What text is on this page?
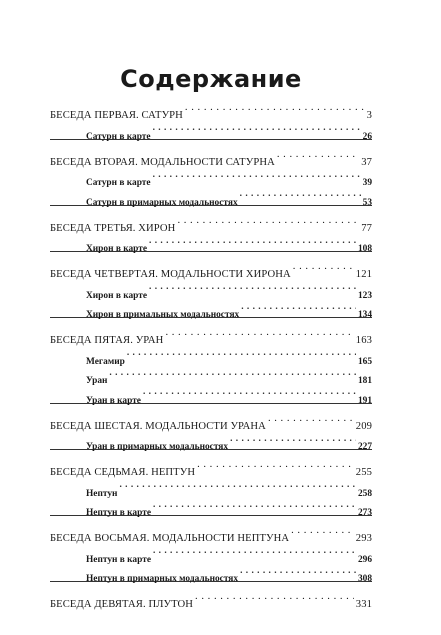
Содержание
БЕСЕДА ПЕРВАЯ. САТУРН . . .	3
Сатурн в карте . . .	26
БЕСЕДА ВТОРАЯ. МОДАЛЬНОСТИ САТУРНА . . .	37
Сатурн в карте . . .	39
Сатурн в примарных модальностях . . .	53
БЕСЕДА ТРЕТЬЯ. ХИРОН . . .	77
Хирон в карте . . .	108
БЕСЕДА ЧЕТВЕРТАЯ. МОДАЛЬНОСТИ ХИРОНА . . .	121
Хирон в карте . . .	123
Хирон в примальных модальностях . . .	134
БЕСЕДА ПЯТАЯ. УРАН . . .	163
Мегамир . . .	165
Уран . . .	181
Уран в карте . . .	191
БЕСЕДА ШЕСТАЯ. МОДАЛЬНОСТИ УРАНА . . .	209
Уран в примарных модальностях . . .	227
БЕСЕДА СЕДЬМАЯ. НЕПТУН . . .	255
Нептун . . .	258
Нептун в карте . . .	273
БЕСЕДА ВОСЬМАЯ. МОДАЛЬНОСТИ НЕПТУНА . . .	293
Нептун в карте . . .	296
Нептун в примарных модальностях . . .	308
БЕСЕДА ДЕВЯТАЯ. ПЛУТОН . . .	331
